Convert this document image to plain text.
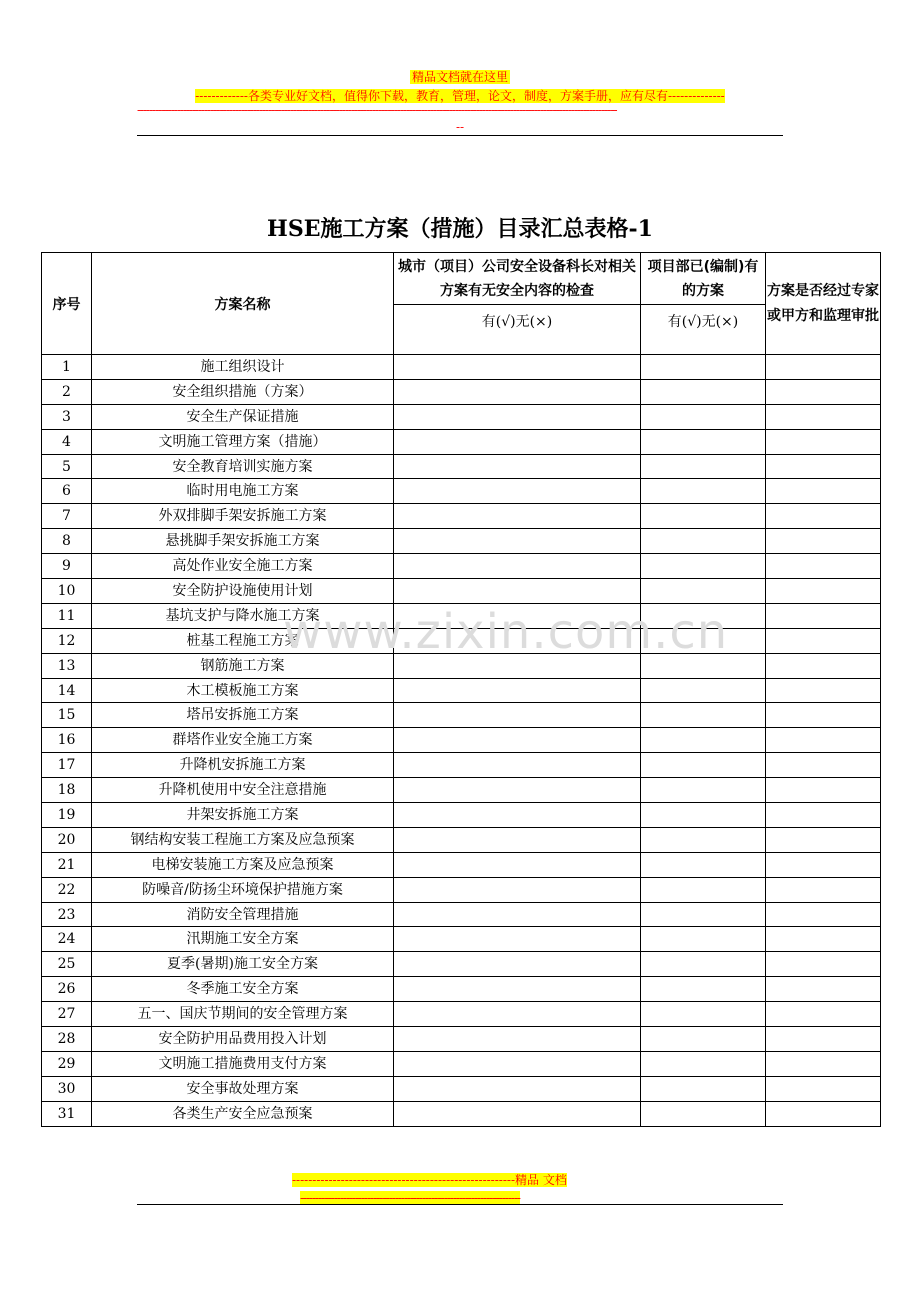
精品文档就在这里
-------------各类专业好文档，值得你下载，教育，管理，论文，制度，方案手册，应有尽有--------------
-------------------------------------------------------------------------------------------------------------------------------------------------------------
--
HSE施工方案（措施）目录汇总表格-1
序号	方案名称	城市（项目）公司安全设备科长对相关方案有无安全内容的检查	项目部已(编制)有的方案	方案是否经过专家或甲方和监理审批
		有(√)无(×)	有(√)无(×)	
1	施工组织设计			
2	安全组织措施（方案）			
3	安全生产保证措施			
4	文明施工管理方案（措施）			
5	安全教育培训实施方案			
6	临时用电施工方案			
7	外双排脚手架安拆施工方案			
8	悬挑脚手架安拆施工方案			
9	高处作业安全施工方案			
10	安全防护设施使用计划			
11	基坑支护与降水施工方案			
12	桩基工程施工方案			
13	钢筋施工方案			
14	木工模板施工方案			
15	塔吊安拆施工方案			
16	群塔作业安全施工方案			
17	升降机安拆施工方案			
18	升降机使用中安全注意措施			
19	井架安拆施工方案			
20	钢结构安装工程施工方案及应急预案			
21	电梯安装施工方案及应急预案			
22	防噪音/防扬尘环境保护措施方案			
23	消防安全管理措施			
24	汛期施工安全方案			
25	夏季(暑期)施工安全方案			
26	冬季施工安全方案			
27	五一、国庆节期间的安全管理方案			
28	安全防护用品费用投入计划			
29	文明施工措施费用支付方案			
30	安全事故处理方案			
31	各类生产安全应急预案			
www.zixin.com.cn
-------------------------------------------------------精品 文档
------------------------------------------------------------------------
